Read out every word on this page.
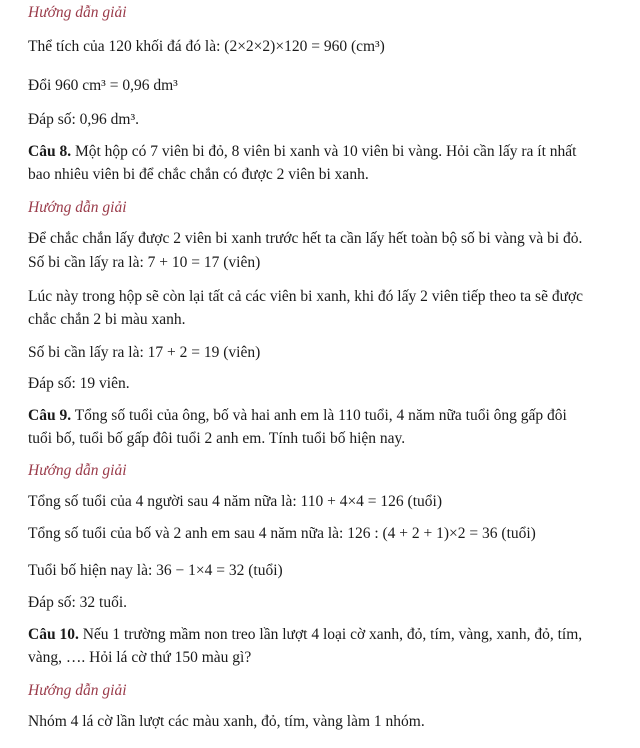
Hướng dẫn giải
Thể tích của 120 khối đá đó là: (2×2×2)×120 = 960 (cm³)
Đổi 960 cm³ = 0,96 dm³
Đáp số: 0,96 dm³.
Câu 8. Một hộp có 7 viên bi đỏ, 8 viên bi xanh và 10 viên bi vàng. Hỏi cần lấy ra ít nhất
bao nhiêu viên bi để chắc chắn có được 2 viên bi xanh.
Hướng dẫn giải
Để chắc chắn lấy được 2 viên bi xanh trước hết ta cần lấy hết toàn bộ số bi vàng và bi đỏ.
Số bi cần lấy ra là: 7 + 10 = 17 (viên)
Lúc này trong hộp sẽ còn lại tất cả các viên bi xanh, khi đó lấy 2 viên tiếp theo ta sẽ được
chắc chắn 2 bi màu xanh.
Số bi cần lấy ra là: 17 + 2 = 19 (viên)
Đáp số: 19 viên.
Câu 9. Tổng số tuổi của ông, bố và hai anh em là 110 tuổi, 4 năm nữa tuổi ông gấp đôi
tuổi bố, tuổi bố gấp đôi tuổi 2 anh em. Tính tuổi bố hiện nay.
Hướng dẫn giải
Tổng số tuổi của 4 người sau 4 năm nữa là: 110 + 4×4 = 126 (tuổi)
Tổng số tuổi của bố và 2 anh em sau 4 năm nữa là: 126 : (4 + 2 + 1)×2 = 36 (tuổi)
Tuổi bố hiện nay là: 36 − 1×4 = 32 (tuổi)
Đáp số: 32 tuổi.
Câu 10. Nếu 1 trường mầm non treo lần lượt 4 loại cờ xanh, đỏ, tím, vàng, xanh, đỏ, tím,
vàng, …. Hỏi lá cờ thứ 150 màu gì?
Hướng dẫn giải
Nhóm 4 lá cờ lần lượt các màu xanh, đỏ, tím, vàng làm 1 nhóm.
